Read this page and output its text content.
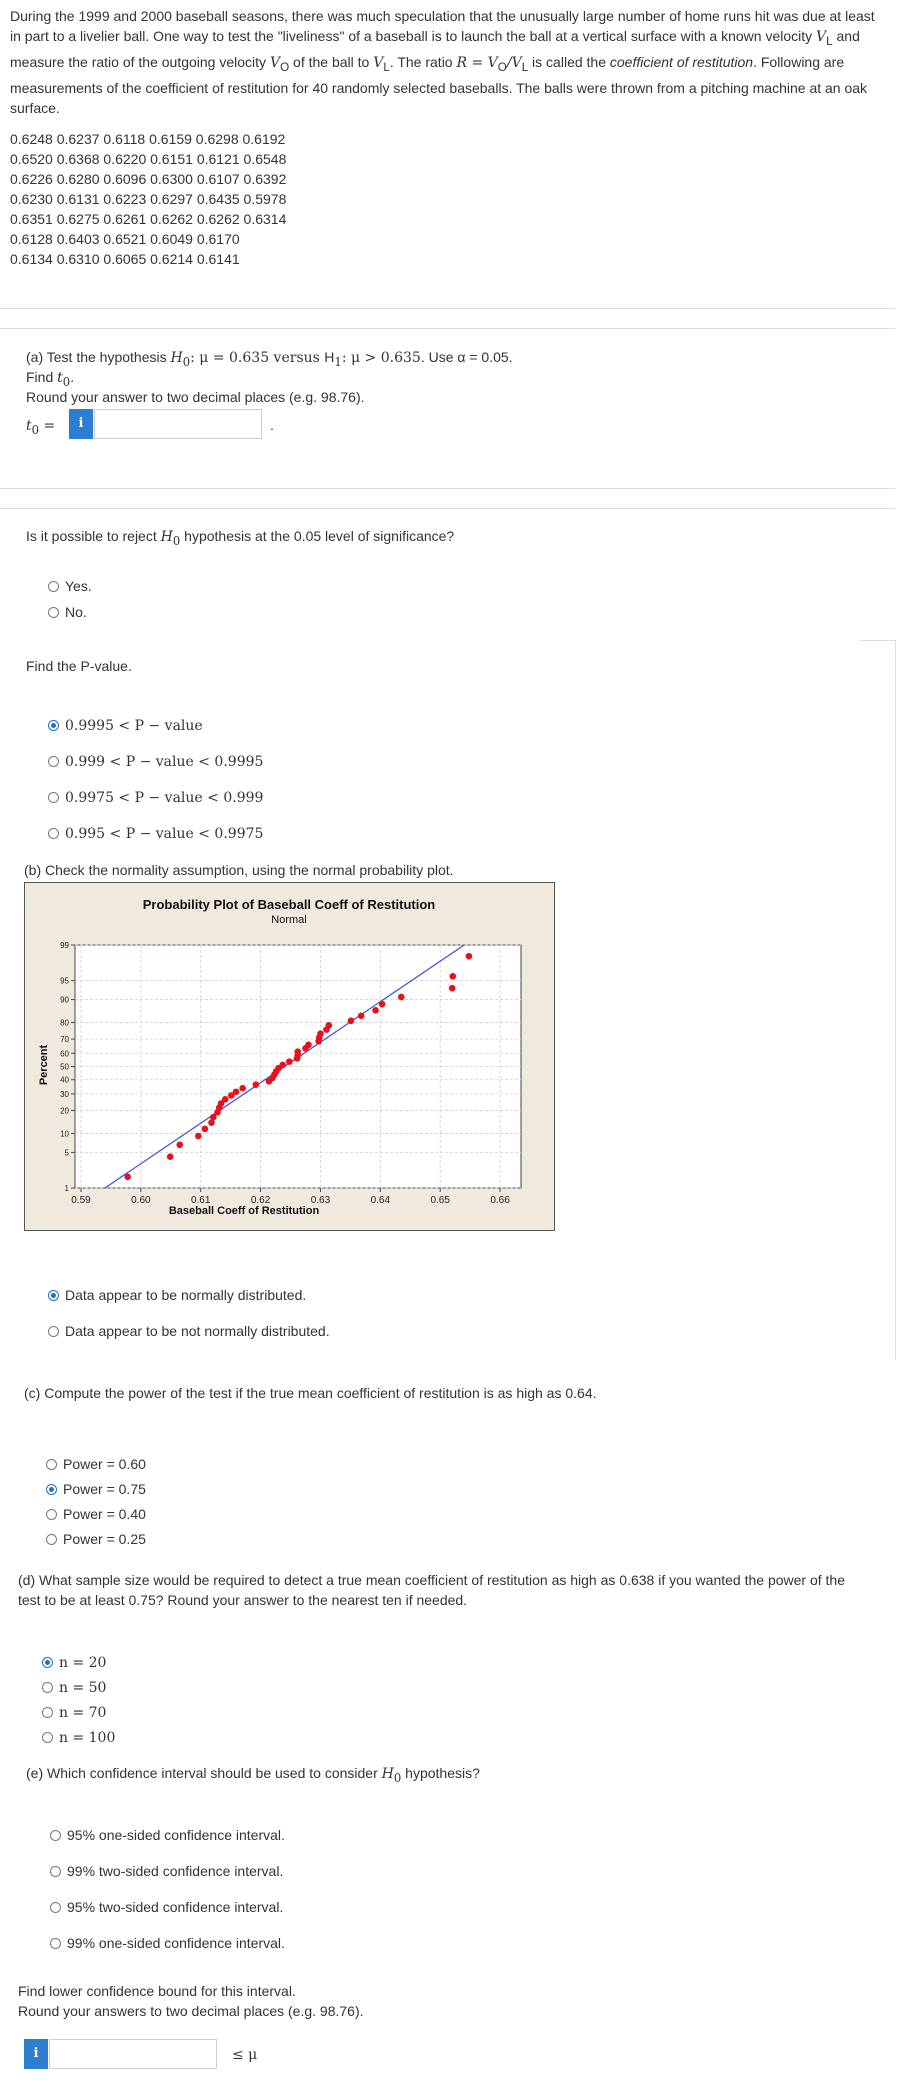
During the 1999 and 2000 baseball seasons, there was much speculation that the unusually large number of home runs hit was due at least in part to a livelier ball. One way to test the "liveliness" of a baseball is to launch the ball at a vertical surface with a known velocity $V_L$ and measure the ratio of the outgoing velocity $V_O$ of the ball to $V_L$. The ratio $R = V_O/V_L$ is called the coefficient of restitution. Following are measurements of the coefficient of restitution for 40 randomly selected baseballs. The balls were thrown from a pitching machine at an oak surface.
0.6248 0.6237 0.6118 0.6159 0.6298 0.6192
0.6520 0.6368 0.6220 0.6151 0.6121 0.6548
0.6226 0.6280 0.6096 0.6300 0.6107 0.6392
0.6230 0.6131 0.6223 0.6297 0.6435 0.5978
0.6351 0.6275 0.6261 0.6262 0.6262 0.6314
0.6128 0.6403 0.6521 0.6049 0.6170
0.6134 0.6310 0.6065 0.6214 0.6141
(a) Test the hypothesis $H_0$: μ = 0.635 versus $H_1$: μ > 0.635. Use α = 0.05.
Find $t_0$.
Round your answer to two decimal places (e.g. 98.76).
$t_0$ =	i	.
Is it possible to reject $H_0$ hypothesis at the 0.05 level of significance?
Yes.
No.
Find the P-value.
0.9995 < P − value
0.999 < P − value < 0.9995
0.9975 < P − value < 0.999
0.995 < P − value < 0.9975
(b) Check the normality assumption, using the normal probability plot.
Probability Plot of Baseball Coeff of Restitution
Normal
1
5
10
20
30
40
50
60
70
80
90
95
99
0.59	0.60	0.61	0.62	0.63	0.64	0.65	0.66
Baseball Coeff of Restitution
Percent
Data appear to be normally distributed.
Data appear to be not normally distributed.
(c) Compute the power of the test if the true mean coefficient of restitution is as high as 0.64.
Power = 0.60
Power = 0.75
Power = 0.40
Power = 0.25
(d) What sample size would be required to detect a true mean coefficient of restitution as high as 0.638 if you wanted the power of the test to be at least 0.75? Round your answer to the nearest ten if needed.
n = 20
n = 50
n = 70
n = 100
(e) Which confidence interval should be used to consider $H_0$ hypothesis?
95% one-sided confidence interval.
99% two-sided confidence interval.
95% two-sided confidence interval.
99% one-sided confidence interval.
Find lower confidence bound for this interval.
Round your answers to two decimal places (e.g. 98.76).
i	≤ μ
